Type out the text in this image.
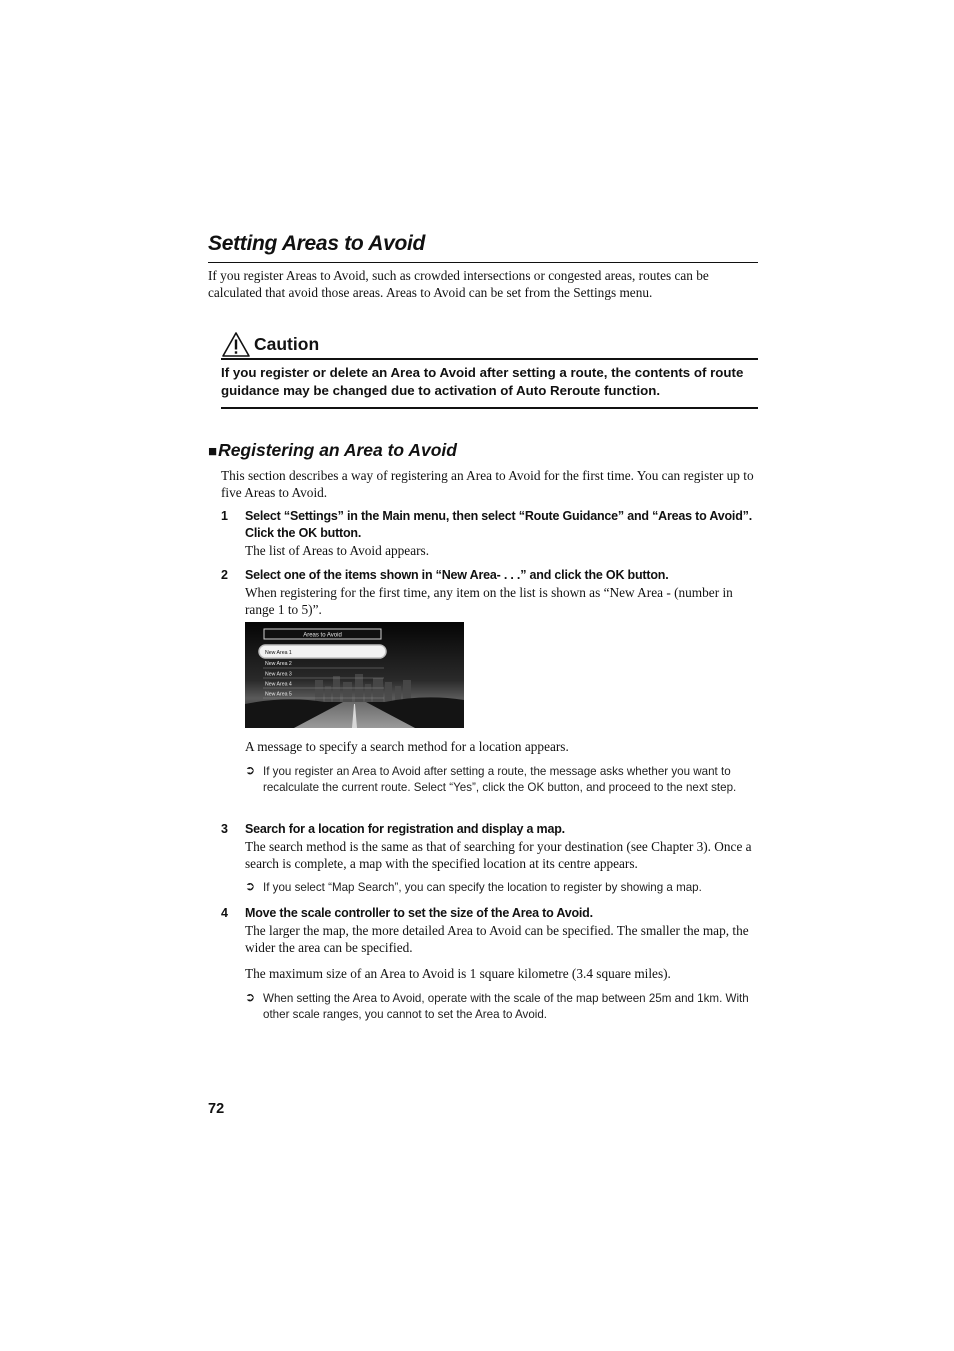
Setting Areas to Avoid

If you register Areas to Avoid, such as crowded intersections or congested areas, routes can be calculated that avoid those areas. Areas to Avoid can be set from the Settings menu.

Caution

If you register or delete an Area to Avoid after setting a route, the contents of route guidance may be changed due to activation of Auto Reroute function.

■Registering an Area to Avoid

This section describes a way of registering an Area to Avoid for the first time. You can register up to five Areas to Avoid.

1 Select “Settings” in the Main menu, then select “Route Guidance” and “Areas to Avoid”. Click the OK button.

The list of Areas to Avoid appears.

2 Select one of the items shown in “New Area- . . .” and click the OK button.

When registering for the first time, any item on the list is shown as “New Area - (number in range 1 to 5)”.

Areas to Avoid
New Area 1
New Area 2
New Area 3
New Area 4
New Area 5

A message to specify a search method for a location appears.

➲ If you register an Area to Avoid after setting a route, the message asks whether you want to recalculate the current route. Select “Yes”, click the OK button, and proceed to the next step.

3 Search for a location for registration and display a map.

The search method is the same as that of searching for your destination (see Chapter 3). Once a search is complete, a map with the specified location at its centre appears.

➲ If you select “Map Search”, you can specify the location to register by showing a map.

4 Move the scale controller to set the size of the Area to Avoid.

The larger the map, the more detailed Area to Avoid can be specified. The smaller the map, the wider the area can be specified.

The maximum size of an Area to Avoid is 1 square kilometre (3.4 square miles).

➲ When setting the Area to Avoid, operate with the scale of the map between 25m and 1km. With other scale ranges, you cannot to set the Area to Avoid.

72
